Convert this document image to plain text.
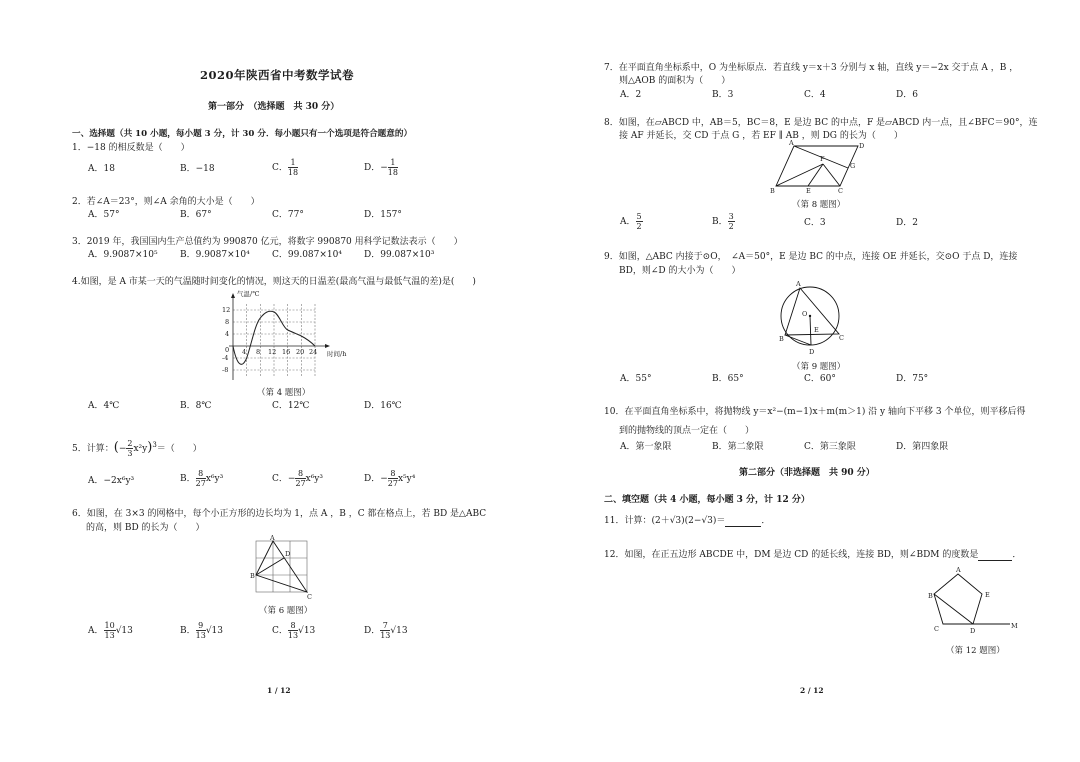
2020年陕西省中考数学试卷
第一部分　（选择题　共 30 分）
一、选择题（共 10 小题，每小题 3 分，计 30 分．每小题只有一个选项是符合题意的）
1．−18 的相反数是（　　）
A．18	B．−18	C． $\frac{1}{18}$	D．− $\frac{1}{18}$
2．若∠A＝23°，则∠A 余角的大小是（　　）
A．57°	B．67°	C．77°	D．157°
3．2019 年，我国国内生产总值约为 990870 亿元，将数字 990870 用科学记数法表示（　　）
A．9.9087×10⁵ B．9.9087×10⁴ C．99.087×10⁴ D．99.087×10³
4.如图，是 A 市某一天的气温随时间变化的情况，则这天的日温差(最高气温与最低气温的差)是(　　)
气温/℃
时间/h
12
8
4
0
-4
-8
4 8 12 16 20 24
（第 4 题图）
A．4℃	B．8℃	C．12℃	D．16℃
5．计算：(− $\frac{2}{3} x^2y)^3=$（　　）
A．−2x⁶y³	B． $\frac{8}{27} x^6y^3$	C．− $\frac{8}{27} x^6y^3$	D．− $\frac{8}{27} x^5y^4$
6．如图，在 3×3 的网格中，每个小正方形的边长均为 1，点 A ，B ，C 都在格点上，若 BD 是△ABC
的高，则 BD 的长为（　　）
A
B
C
D
（第 6 题图）
A． $\frac{10}{13} √13$	B． $\frac{9}{13} √13$	C． $\frac{8}{13} √13$	D． $\frac{7}{13} √13$
1 / 12
7．在平面直角坐标系中，O 为坐标原点．若直线 y＝x＋3 分别与 x 轴，直线 y＝−2x 交于点 A ，B ，
则△AOB 的面积为（　　）
A．2	B．3	C．4	D．6
8．如图，在▱ABCD 中，AB＝5，BC＝8，E 是边 BC 的中点，F 是▱ABCD 内一点，且∠BFC＝90°，连
接 AF 并延长，交 CD 于点 G ，若 EF ∥ AB ，则 DG 的长为（　　）
A
B	C
D
E
F
G
（第 8 题图）
A． $\frac{5}{2}$	B． $\frac{3}{2}$	C．3	D．2
9．如图，△ABC 内接于⊙O，　∠A＝50°，E 是边 BC 的中点，连接 OE 并延长，交⊙O 于点 D，连接
BD，则∠D 的大小为（　　）
A
B	C
D
E
O
（第 9 题图）
A．55°	B．65°	C．60°	D．75°
10．在平面直角坐标系中，将抛物线 y＝x²−(m−1)x＋m(m＞1) 沿 y 轴向下平移 3 个单位，则平移后得
到的抛物线的顶点一定在（　　）
A．第一象限	B．第二象限	C．第三象限	D．第四象限
第二部分（非选择题　共 90 分）
二、填空题（共 4 小题，每小题 3 分，计 12 分）
11．计算：(2＋√3)(2−√3)＝	．
12．如图，在正五边形 ABCDE 中，DM 是边 CD 的延长线，连接 BD，则∠BDM 的度数是	．
A
B
C	D
E
M
（第 12 题图）
2 / 12
